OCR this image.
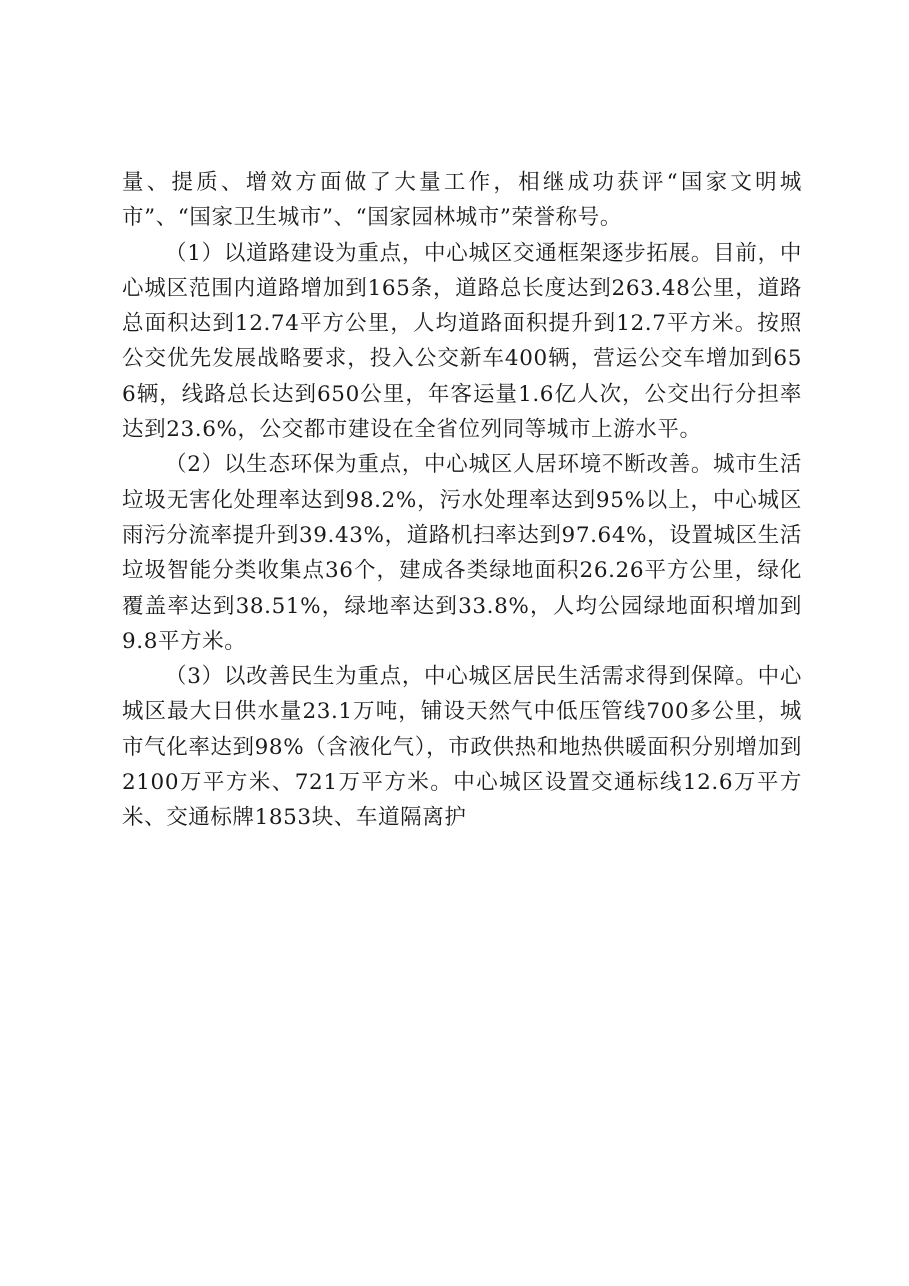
量、提质、增效方面做了大量工作，相继成功获评“国家文明城市”、“国家卫生城市”、“国家园林城市”荣誉称号。

（1）以道路建设为重点，中心城区交通框架逐步拓展。目前，中心城区范围内道路增加到165条，道路总长度达到263.48公里，道路总面积达到12.74平方公里，人均道路面积提升到12.7平方米。按照公交优先发展战略要求，投入公交新车400辆，营运公交车增加到656辆，线路总长达到650公里，年客运量1.6亿人次，公交出行分担率达到23.6%，公交都市建设在全省位列同等城市上游水平。

（2）以生态环保为重点，中心城区人居环境不断改善。城市生活垃圾无害化处理率达到98.2%，污水处理率达到95%以上，中心城区雨污分流率提升到39.43%，道路机扫率达到97.64%，设置城区生活垃圾智能分类收集点36个，建成各类绿地面积26.26平方公里，绿化覆盖率达到38.51%，绿地率达到33.8%，人均公园绿地面积增加到9.8平方米。

（3）以改善民生为重点，中心城区居民生活需求得到保障。中心城区最大日供水量23.1万吨，铺设天然气中低压管线700多公里，城市气化率达到98%（含液化气），市政供热和地热供暖面积分别增加到2100万平方米、721万平方米。中心城区设置交通标线12.6万平方米、交通标牌1853块、车道隔离护
